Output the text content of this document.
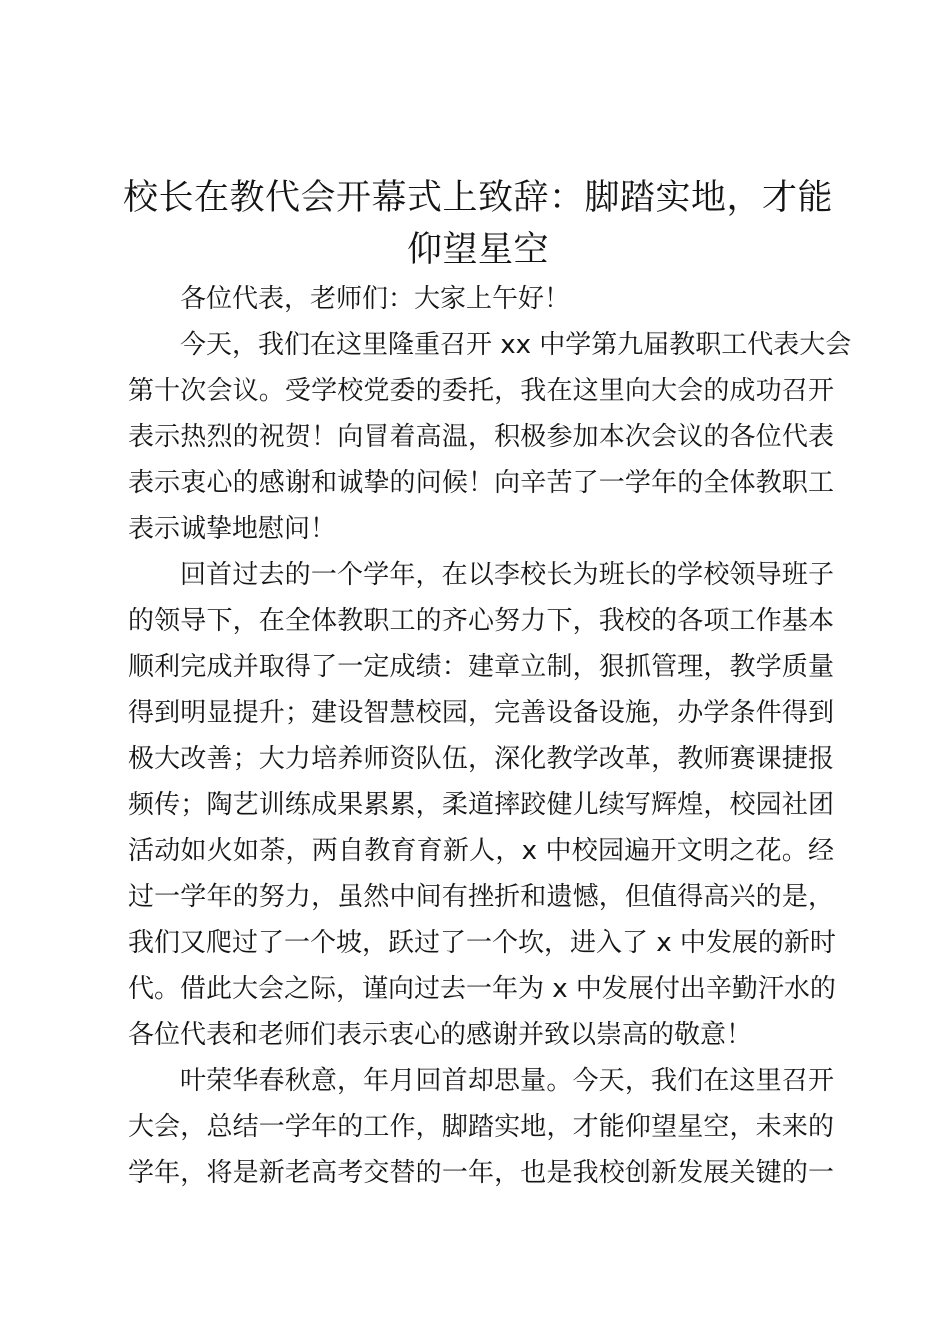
校长在教代会开幕式上致辞：脚踏实地，才能仰望星空

各位代表，老师们：大家上午好！

今天，我们在这里隆重召开 xx 中学第九届教职工代表大会

第十次会议。受学校党委的委托，我在这里向大会的成功召开

表示热烈的祝贺！向冒着高温，积极参加本次会议的各位代表

表示衷心的感谢和诚挚的问候！向辛苦了一学年的全体教职工

表示诚挚地慰问！

回首过去的一个学年，在以李校长为班长的学校领导班子

的领导下，在全体教职工的齐心努力下，我校的各项工作基本

顺利完成并取得了一定成绩：建章立制，狠抓管理，教学质量

得到明显提升；建设智慧校园，完善设备设施，办学条件得到

极大改善；大力培养师资队伍，深化教学改革，教师赛课捷报

频传；陶艺训练成果累累，柔道摔跤健儿续写辉煌，校园社团

活动如火如荼，两自教育育新人，x 中校园遍开文明之花。经

过一学年的努力，虽然中间有挫折和遗憾，但值得高兴的是，

我们又爬过了一个坡，跃过了一个坎，进入了 x 中发展的新时

代。借此大会之际，谨向过去一年为 x 中发展付出辛勤汗水的

各位代表和老师们表示衷心的感谢并致以崇高的敬意！

叶荣华春秋意，年月回首却思量。今天，我们在这里召开

大会，总结一学年的工作，脚踏实地，才能仰望星空，未来的

学年，将是新老高考交替的一年，也是我校创新发展关键的一
